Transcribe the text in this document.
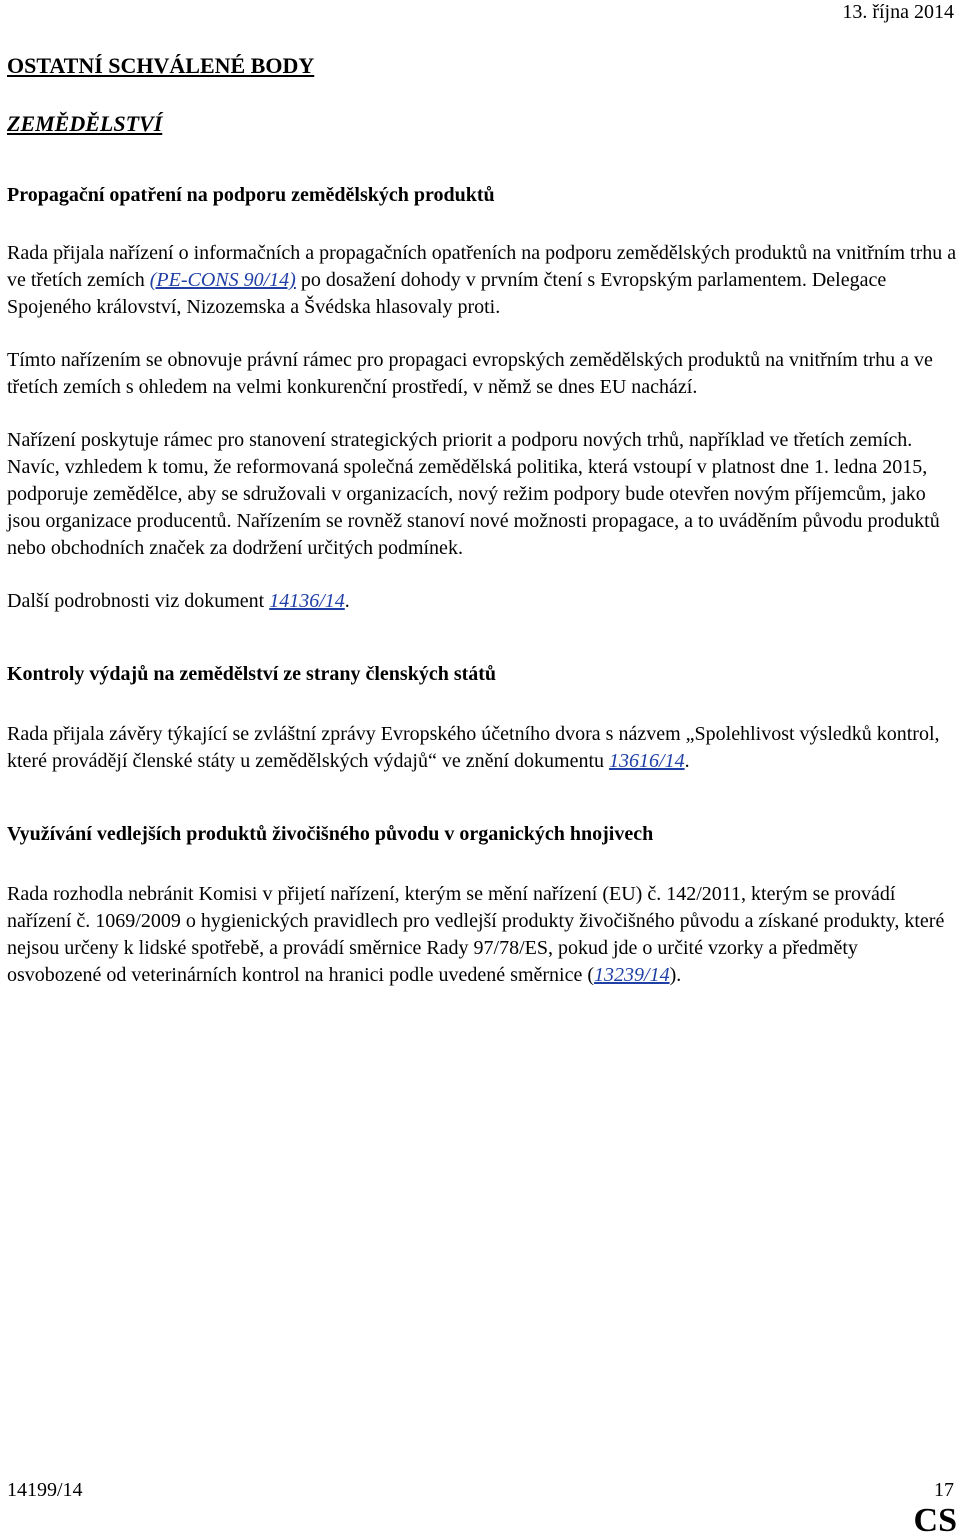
13. října 2014
OSTATNÍ SCHVÁLENÉ BODY
ZEMĚDĚLSTVÍ
Propagační opatření na podporu zemědělských produktů

Rada přijala nařízení o informačních a propagačních opatřeních na podporu zemědělských produktů na vnitřním trhu a ve třetích zemích (PE-CONS 90/14) po dosažení dohody v prvním čtení s Evropským parlamentem. Delegace Spojeného království, Nizozemska a Švédska hlasovaly proti.

Tímto nařízením se obnovuje právní rámec pro propagaci evropských zemědělských produktů na vnitřním trhu a ve třetích zemích s ohledem na velmi konkurenční prostředí, v němž se dnes EU nachází.

Nařízení poskytuje rámec pro stanovení strategických priorit a podporu nových trhů, například ve třetích zemích. Navíc, vzhledem k tomu, že reformovaná společná zemědělská politika, která vstoupí v platnost dne 1. ledna 2015, podporuje zemědělce, aby se sdružovali v organizacích, nový režim podpory bude otevřen novým příjemcům, jako jsou organizace producentů. Nařízením se rovněž stanoví nové možnosti propagace, a to uváděním původu produktů nebo obchodních značek za dodržení určitých podmínek.

Další podrobnosti viz dokument 14136/14.

Kontroly výdajů na zemědělství ze strany členských států

Rada přijala závěry týkající se zvláštní zprávy Evropského účetního dvora s názvem „Spolehlivost výsledků kontrol, které provádějí členské státy u zemědělských výdajů“ ve znění dokumentu 13616/14.

Využívání vedlejších produktů živočišného původu v organických hnojivech

Rada rozhodla nebránit Komisi v přijetí nařízení, kterým se mění nařízení (EU) č. 142/2011, kterým se provádí nařízení č. 1069/2009 o hygienických pravidlech pro vedlejší produkty živočišného původu a získané produkty, které nejsou určeny k lidské spotřebě, a provádí směrnice Rady 97/78/ES, pokud jde o určité vzorky a předměty osvobozené od veterinárních kontrol na hranici podle uvedené směrnice (13239/14).

14199/14	17
CS
